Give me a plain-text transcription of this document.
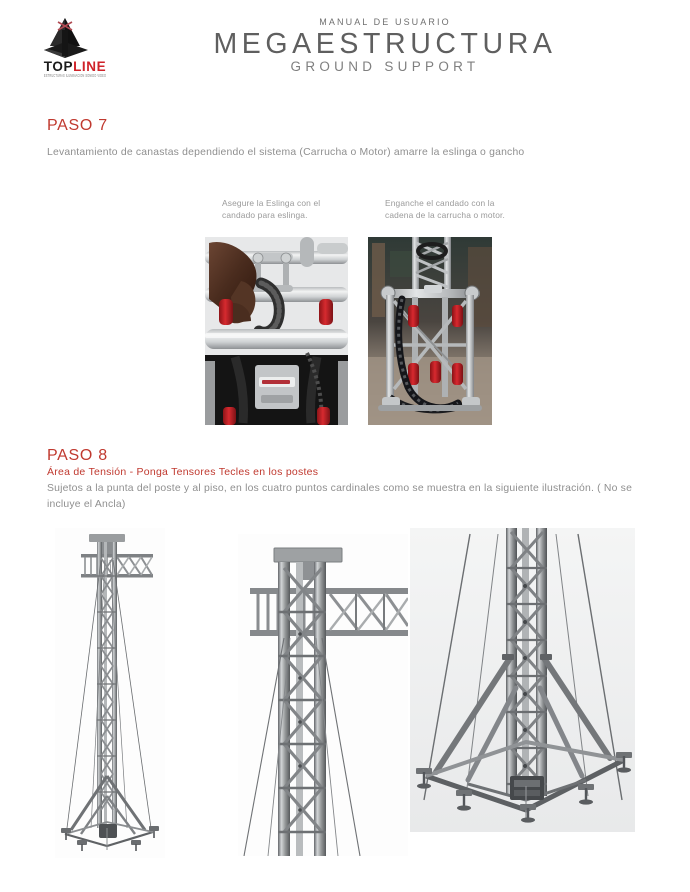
TOPLINE
ESTRUCTURAS ILUMINACION SONIDO VIDEO
MANUAL DE USUARIO
MEGAESTRUCTURA
GROUND SUPPORT
PASO 7
Levantamiento de canastas dependiendo el sistema (Carrucha o Motor) amarre la eslinga o gancho
Asegure la Eslinga con el candado para eslinga.
Enganche el candado con la cadena de la carrucha o motor.
PASO 8
Área de Tensión - Ponga Tensores Tecles en los postes
Sujetos a la punta del poste y al piso, en los cuatro puntos cardinales como se muestra en la siguiente ilustración. ( No se incluye el Ancla)
